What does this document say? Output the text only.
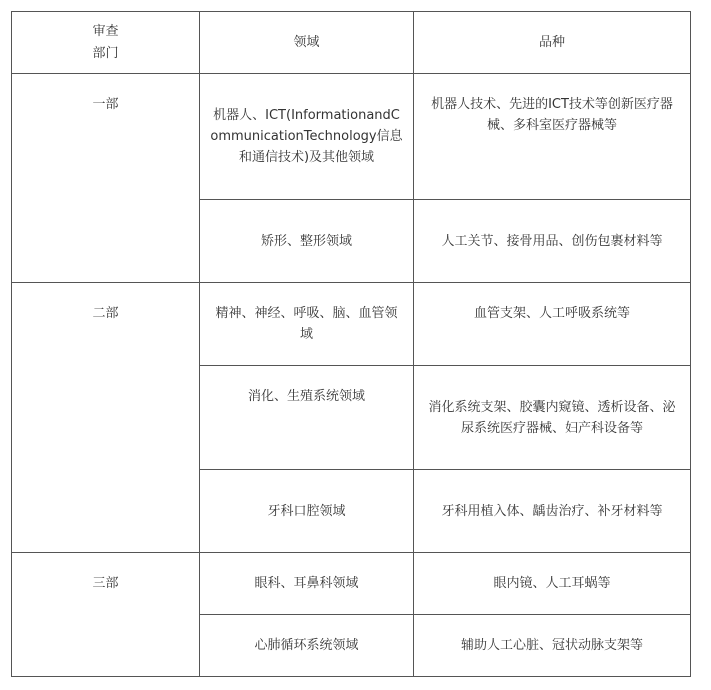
审查部门	领域	品种

一部	机器人、ICT(InformationandCommunicationTechnology信息和通信技术)及其他领域	机器人技术、先进的ICT技术等创新医疗器械、多科室医疗器械等

	矫形、整形领域	人工关节、接骨用品、创伤包裹材料等

二部	精神、神经、呼吸、脑、血管领域	血管支架、人工呼吸系统等

	消化、生殖系统领域	消化系统支架、胶囊内窥镜、透析设备、泌尿系统医疗器械、妇产科设备等
	牙科口腔领域	牙科用植入体、龋齿治疗、补牙材料等

三部	眼科、耳鼻科领域	眼内镜、人工耳蜗等
	心肺循环系统领域	辅助人工心脏、冠状动脉支架等
